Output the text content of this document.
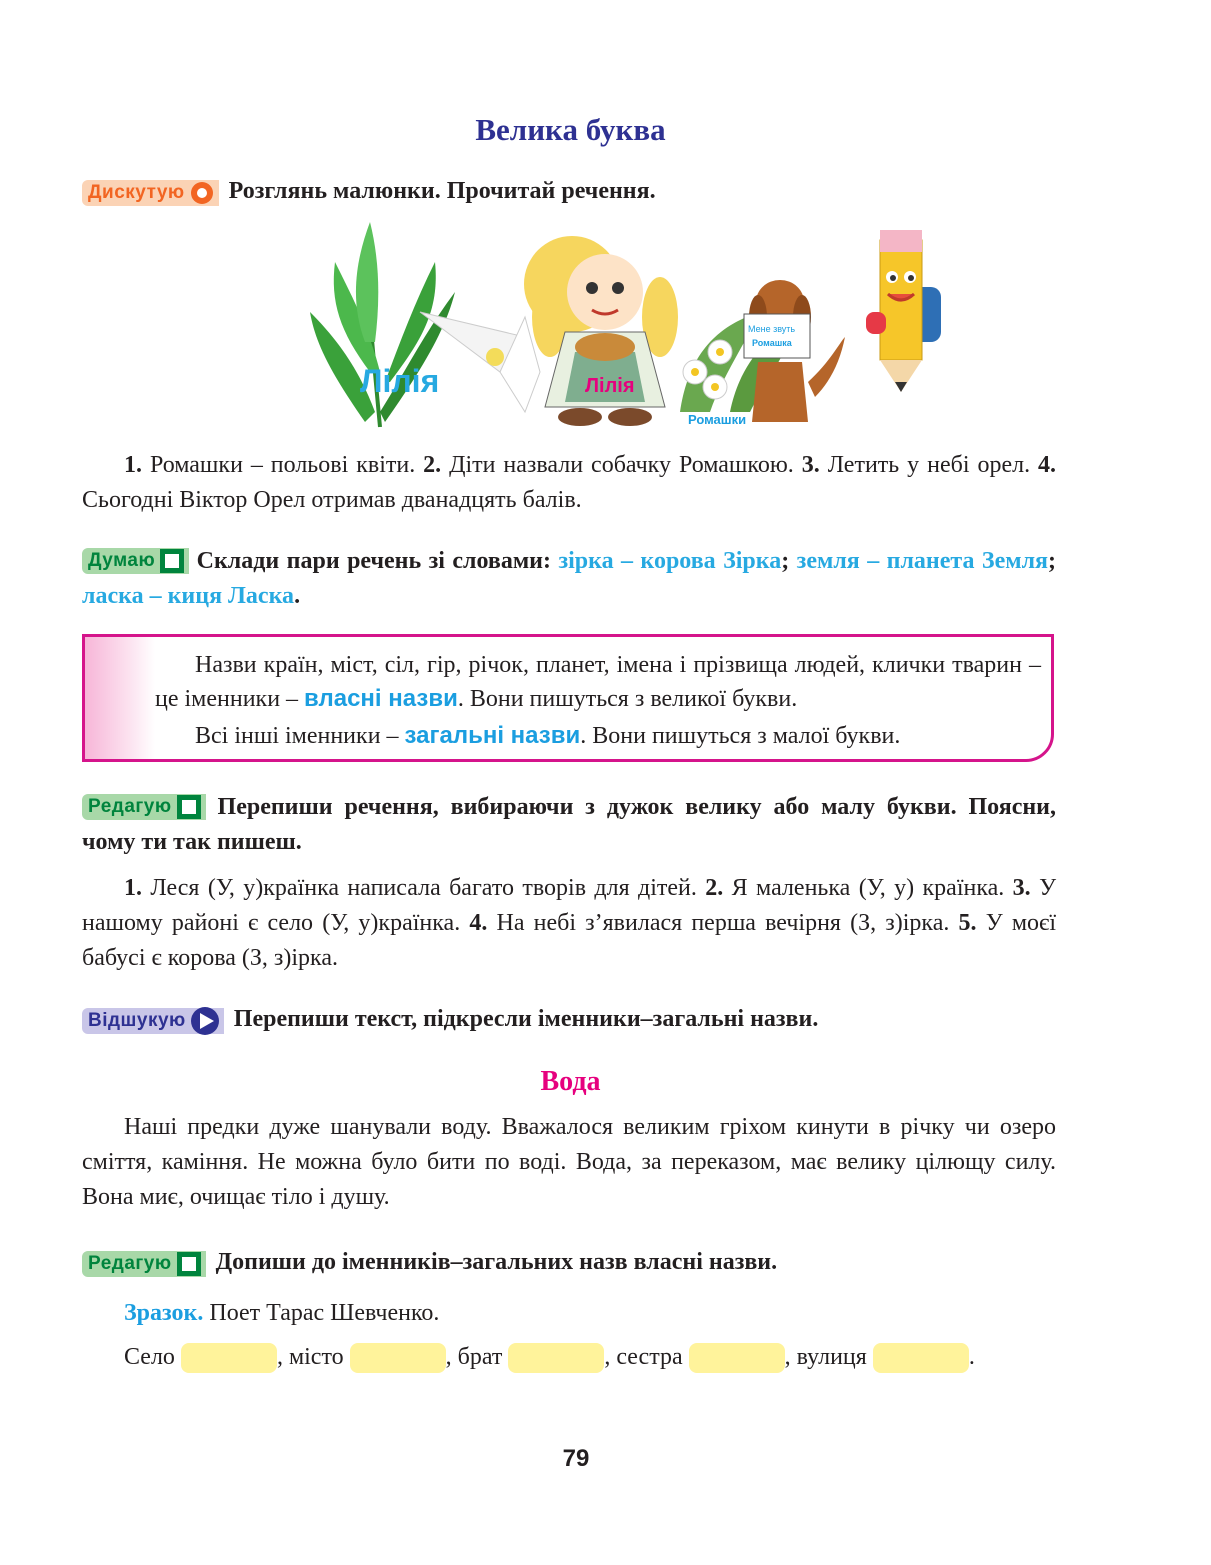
Велика буква
Дискутую Розглянь малюнки. Прочитай речення.
Лілія	Лілія
Ромашки
Мене звуть
Ромашка
1. Ромашки – польові квіти. 2. Діти назвали собачку Ромашкою. 3. Летить у небі орел. 4. Сьогодні Віктор Орел отримав дванадцять балів.
Думаю Склади пари речень зі словами: зірка – корова Зірка; земля – планета Земля; ласка – киця Ласка.
Назви країн, міст, сіл, гір, річок, планет, імена і прізвища людей, клички тварин – це іменники – власні назви. Вони пишуться з великої букви.
Всі інші іменники – загальні назви. Вони пишуться з малої букви.
Редагую Перепиши речення, вибираючи з дужок велику або малу букви. Поясни, чому ти так пишеш.
1. Леся (У, у)країнка написала багато творів для дітей. 2. Я маленька (У, у) країнка. 3. У нашому районі є село (У, у)країнка. 4. На небі з’явилася перша вечірня (З, з)ірка. 5. У моєї бабусі є корова (З, з)ірка.
Відшукую Перепиши текст, підкресли іменники–загальні назви.
Вода
Наші предки дуже шанували воду. Вважалося великим гріхом кинути в річку чи озеро сміття, каміння. Не можна було бити по воді. Вода, за переказом, має велику цілющу силу. Вона миє, очищає тіло і душу.
Редагую Допиши до іменників–загальних назв власні назви.
Зразок. Поет Тарас Шевченко.
Село	, місто	, брат	, сестра	, вулиця	.
79
